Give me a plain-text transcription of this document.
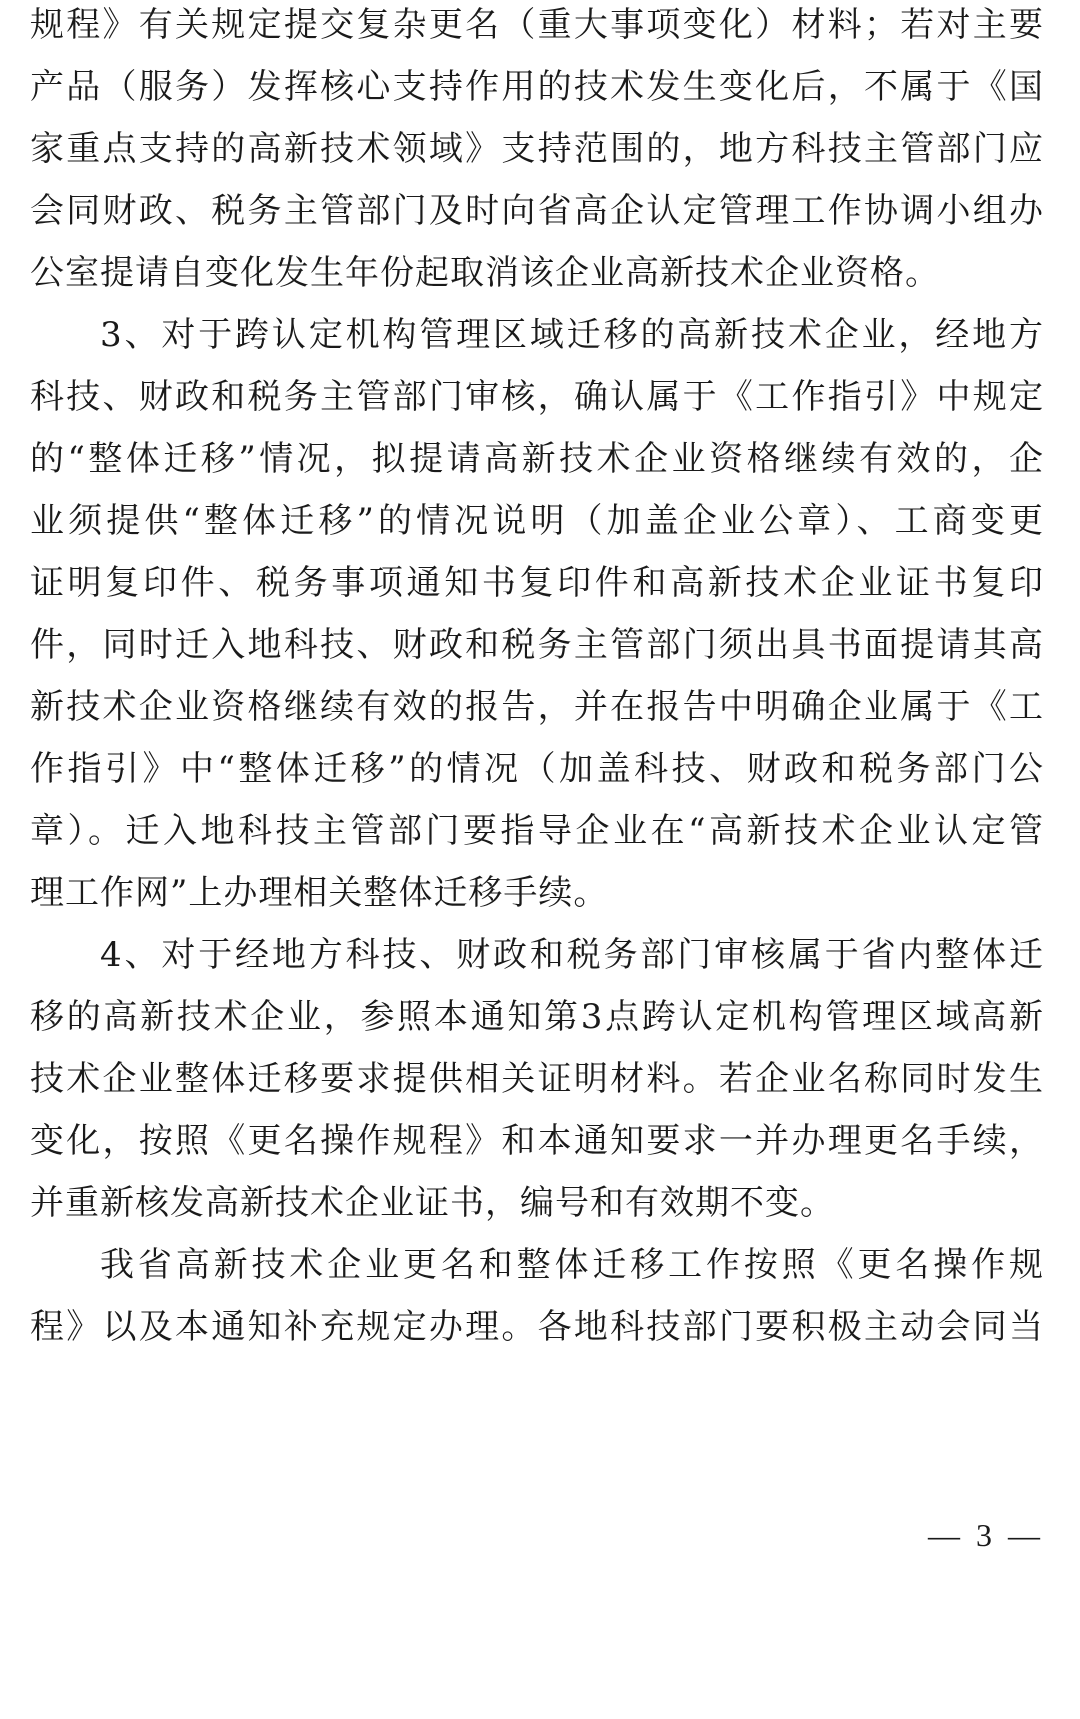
规程》有关规定提交复杂更名（重大事项变化）材料；若对主要
产品（服务）发挥核心支持作用的技术发生变化后，不属于《国
家重点支持的高新技术领域》支持范围的，地方科技主管部门应
会同财政、税务主管部门及时向省高企认定管理工作协调小组办
公室提请自变化发生年份起取消该企业高新技术企业资格。
3、对于跨认定机构管理区域迁移的高新技术企业，经地方
科技、财政和税务主管部门审核，确认属于《工作指引》中规定
的“整体迁移”情况，拟提请高新技术企业资格继续有效的，企
业须提供“整体迁移”的情况说明（加盖企业公章）、工商变更
证明复印件、税务事项通知书复印件和高新技术企业证书复印
件，同时迁入地科技、财政和税务主管部门须出具书面提请其高
新技术企业资格继续有效的报告，并在报告中明确企业属于《工
作指引》中“整体迁移”的情况（加盖科技、财政和税务部门公
章）。迁入地科技主管部门要指导企业在“高新技术企业认定管
理工作网”上办理相关整体迁移手续。
4、对于经地方科技、财政和税务部门审核属于省内整体迁
移的高新技术企业，参照本通知第3点跨认定机构管理区域高新
技术企业整体迁移要求提供相关证明材料。若企业名称同时发生
变化，按照《更名操作规程》和本通知要求一并办理更名手续，
并重新核发高新技术企业证书，编号和有效期不变。
我省高新技术企业更名和整体迁移工作按照《更名操作规
程》以及本通知补充规定办理。各地科技部门要积极主动会同当
— 3 —
